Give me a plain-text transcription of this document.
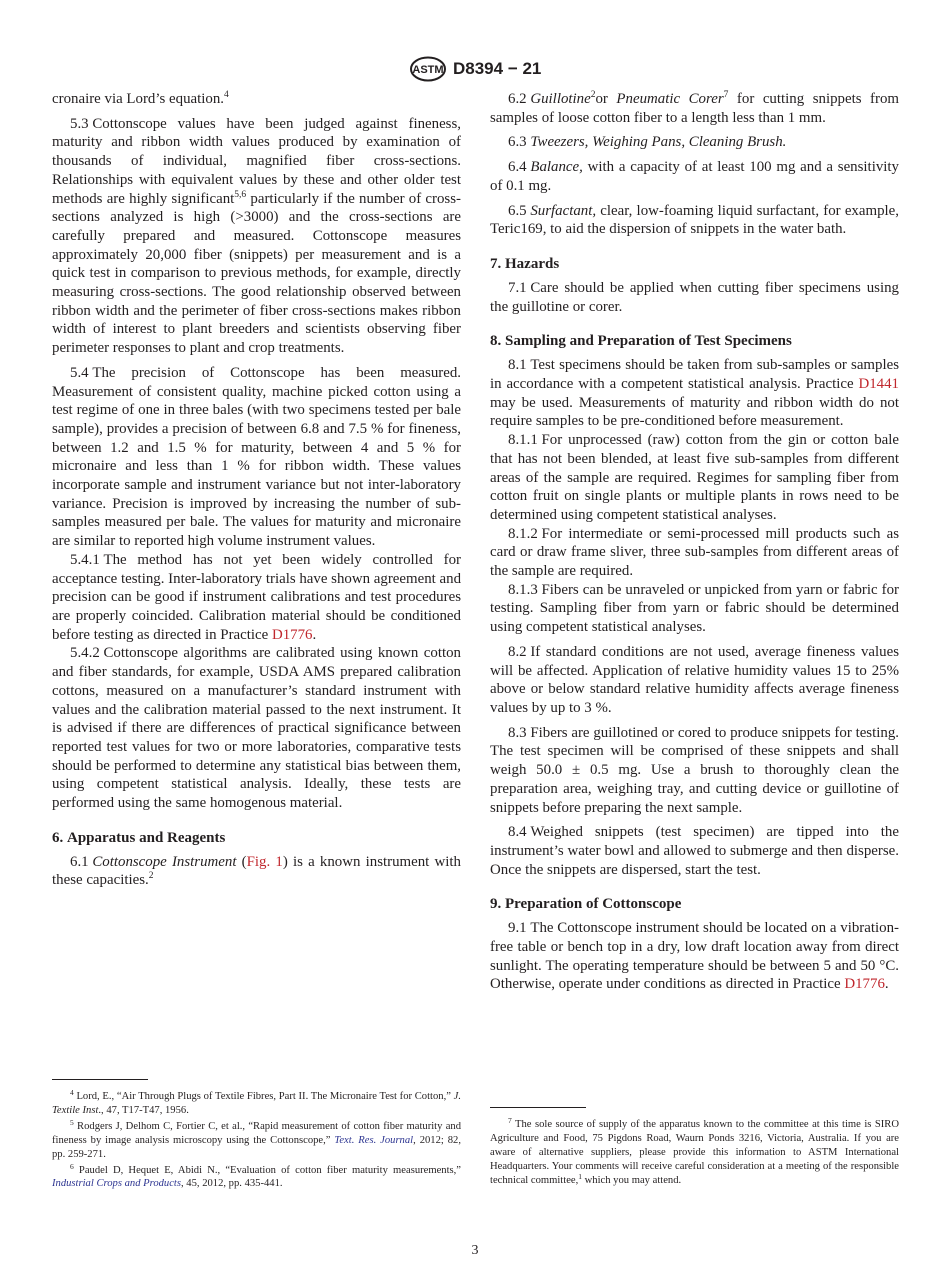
ASTM D8394 − 21

cronaire via Lord’s equation.$^4$

5.3 Cottonscope values have been judged against fineness, maturity and ribbon width values produced by examination of thousands of individual, magnified fiber cross-sections. Relationships with equivalent values by these and other older test methods are highly significant$^{5,6}$ particularly if the number of cross-sections analyzed is high (>3000) and the cross-sections are carefully prepared and measured. Cottonscope measures approximately 20,000 fiber (snippets) per measurement and is a quick test in comparison to previous methods, for example, directly measuring cross-sections. The good relationship observed between ribbon width and the perimeter of fiber cross-sections makes ribbon width of interest to plant breeders and scientists observing fiber perimeter responses to plant and crop treatments.

5.4 The precision of Cottonscope has been measured. Measurement of consistent quality, machine picked cotton using a test regime of one in three bales (with two specimens tested per bale sample), provides a precision of between 6.8 and 7.5 % for fineness, between 1.2 and 1.5 % for maturity, between 4 and 5 % for micronaire and less than 1 % for ribbon width. These values incorporate sample and instrument variance but not inter-laboratory variance. Precision is improved by increasing the number of sub-samples measured per bale. The values for maturity and micronaire are similar to reported high volume instrument values.

5.4.1 The method has not yet been widely controlled for acceptance testing. Inter-laboratory trials have shown agreement and precision can be good if instrument calibrations and test procedures are properly coincided. Calibration material should be conditioned before testing as directed in Practice D1776.

5.4.2 Cottonscope algorithms are calibrated using known cotton and fiber standards, for example, USDA AMS prepared calibration cottons, measured on a manufacturer’s standard instrument with values and the calibration material passed to the next instrument. It is advised if there are differences of practical significance between reported test values for two or more laboratories, comparative tests should be performed to determine any statistical bias between them, using competent statistical analysis. Ideally, these tests are performed using the same homogenous material.

6. Apparatus and Reagents

6.1 Cottonscope Instrument (Fig. 1) is a known instrument with these capacities.$^2$

6.2 Guillotine$^2$or Pneumatic Corer$^7$ for cutting snippets from samples of loose cotton fiber to a length less than 1 mm.

6.3 Tweezers, Weighing Pans, Cleaning Brush.

6.4 Balance, with a capacity of at least 100 mg and a sensitivity of 0.1 mg.

6.5 Surfactant, clear, low-foaming liquid surfactant, for example, Teric169, to aid the dispersion of snippets in the water bath.

7. Hazards

7.1 Care should be applied when cutting fiber specimens using the guillotine or corer.

8. Sampling and Preparation of Test Specimens

8.1 Test specimens should be taken from sub-samples or samples in accordance with a competent statistical analysis. Practice D1441 may be used. Measurements of maturity and ribbon width do not require samples to be pre-conditioned before measurement.

8.1.1 For unprocessed (raw) cotton from the gin or cotton bale that has not been blended, at least five sub-samples from different areas of the sample are required. Regimes for sampling fiber from cotton fruit on single plants or multiple plants in rows need to be determined using competent statistical analyses.

8.1.2 For intermediate or semi-processed mill products such as card or draw frame sliver, three sub-samples from different areas of the sample are required.

8.1.3 Fibers can be unraveled or unpicked from yarn or fabric for testing. Sampling fiber from yarn or fabric should be determined using competent statistical analyses.

8.2 If standard conditions are not used, average fineness values will be affected. Application of relative humidity values 15 to 25% above or below standard relative humidity affects average fineness values by up to 3 %.

8.3 Fibers are guillotined or cored to produce snippets for testing. The test specimen will be comprised of these snippets and shall weigh 50.0 ± 0.5 mg. Use a brush to thoroughly clean the preparation area, weighing tray, and cutting device or guillotine of snippets before preparing the next sample.

8.4 Weighed snippets (test specimen) are tipped into the instrument’s water bowl and allowed to submerge and then disperse. Once the snippets are dispersed, start the test.

9. Preparation of Cottonscope

9.1 The Cottonscope instrument should be located on a vibration-free table or bench top in a dry, low draft location away from direct sunlight. The operating temperature should be between 5 and 50 °C. Otherwise, operate under conditions as directed in Practice D1776.

$^4$ Lord, E., “Air Through Plugs of Textile Fibres, Part II. The Micronaire Test for Cotton,” J. Textile Inst., 47, T17-T47, 1956.

$^5$ Rodgers J, Delhom C, Fortier C, et al., “Rapid measurement of cotton fiber maturity and fineness by image analysis microscopy using the Cottonscope,” Text. Res. Journal, 2012; 82, pp. 259-271.

$^6$ Paudel D, Hequet E, Abidi N., “Evaluation of cotton fiber maturity measurements,” Industrial Crops and Products, 45, 2012, pp. 435-441.

$^7$ The sole source of supply of the apparatus known to the committee at this time is SIRO Agriculture and Food, 75 Pigdons Road, Waurn Ponds 3216, Victoria, Australia. If you are aware of alternative suppliers, please provide this information to ASTM International Headquarters. Your comments will receive careful consideration at a meeting of the responsible technical committee,$^1$ which you may attend.

3
